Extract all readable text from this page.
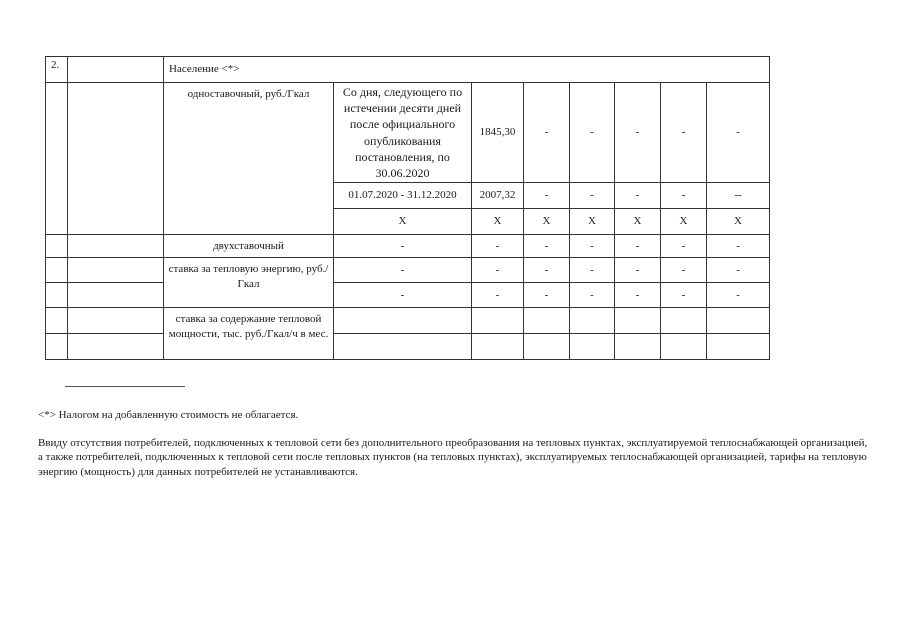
2.		Население <*>							
		одноставочный, руб./Гкал	Со дня, следующего по истечении десяти дней после официального опубликования постановления, по 30.06.2020	1845,30	-	-	-	-	-
			01.07.2020 - 31.12.2020	2007,32	-	-	-	-	--
			Х	Х	Х	Х	Х	Х	Х
		двухставочный	-	-	-	-	-	-	-
		ставка за тепловую энергию, руб./Гкал	-	-	-	-	-	-	-
			-	-	-	-	-	-	-
		ставка за содержание тепловой мощности, тыс. руб./Гкал/ч в мес.							

<*> Налогом на добавленную стоимость не облагается.

Ввиду отсутствия потребителей, подключенных к тепловой сети без дополнительного преобразования на тепловых пунктах, эксплуатируемой теплоснабжающей организацией, а также потребителей, подключенных к тепловой сети после тепловых пунктов (на тепловых пунктах), эксплуатируемых теплоснабжающей организацией, тарифы на тепловую энергию (мощность) для данных потребителей не устанавливаются.
